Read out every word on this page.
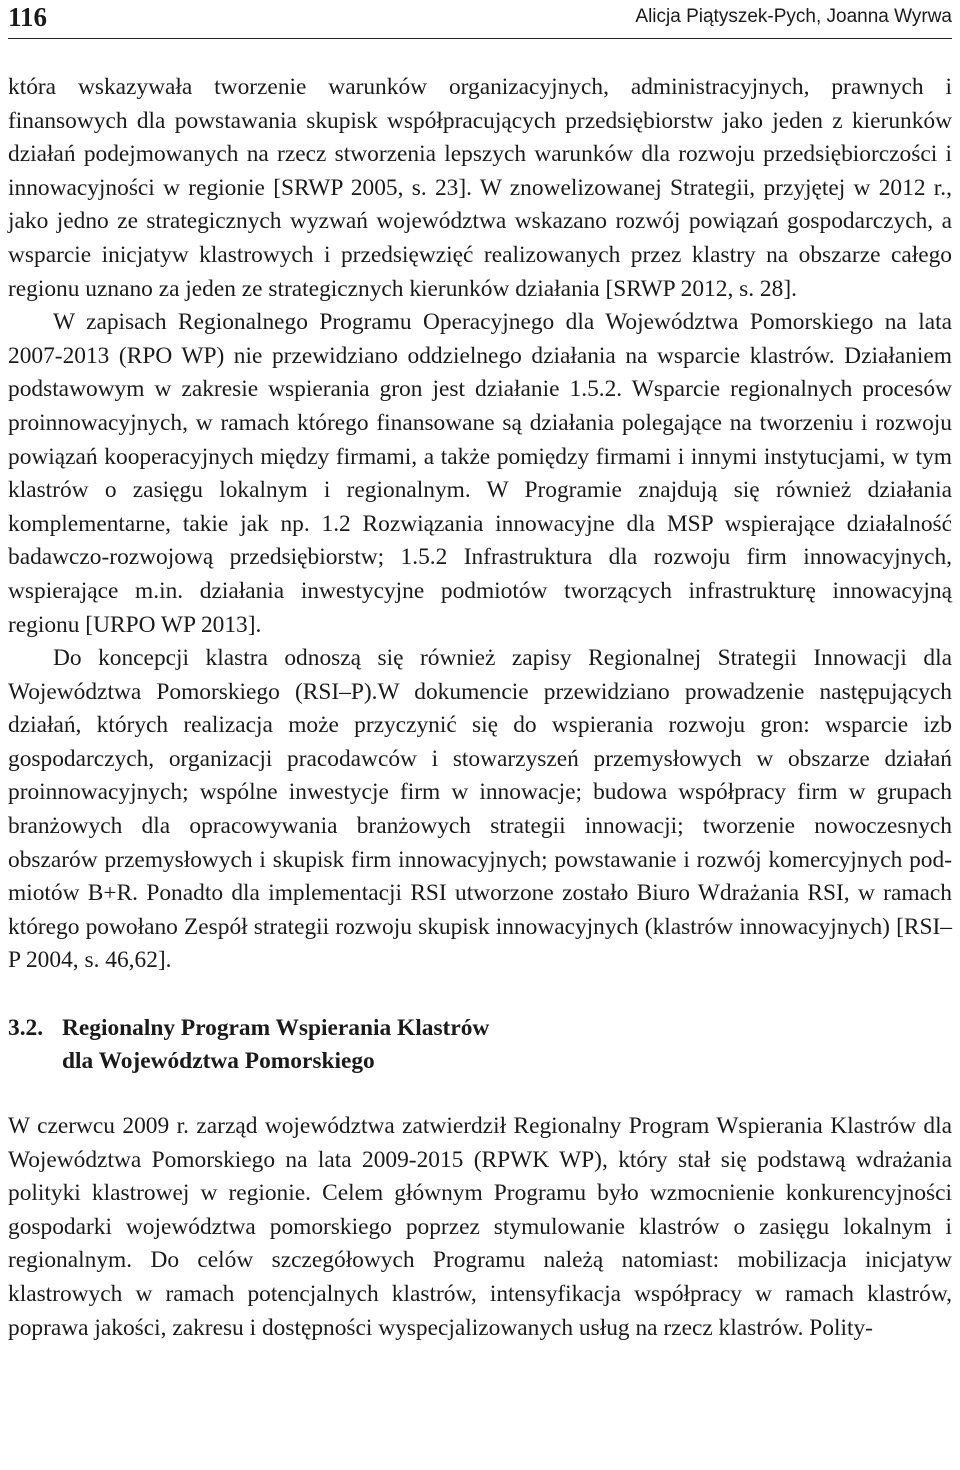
116	Alicja Piątyszek-Pych, Joanna Wyrwa

która wskazywała tworzenie warunków organizacyjnych, administracyjnych, prawnych i finansowych dla powstawania skupisk współpracujących przedsiębiorstw jako jeden z kierunków działań podejmowanych na rzecz stworzenia lepszych warunków dla rozwoju przedsiębiorczości i innowacyjności w regionie [SRWP 2005, s. 23]. W znowelizowanej Strategii, przyjętej w 2012 r., jako jedno ze strategicznych wyzwań województwa wskazano rozwój powiązań gospodarczych, a wsparcie inicjatyw klastrowych i przedsięwzięć realizowanych przez klastry na obszarze całego regionu uznano za jeden ze strategicznych kierunków działania [SRWP 2012, s. 28].

W zapisach Regionalnego Programu Operacyjnego dla Województwa Pomorskiego na lata 2007-2013 (RPO WP) nie przewidziano oddzielnego działania na wsparcie klastrów. Działaniem podstawowym w zakresie wspierania gron jest działanie 1.5.2. Wsparcie regionalnych procesów proinnowacyjnych, w ramach którego finansowane są działania polegające na tworzeniu i rozwoju powiązań kooperacyjnych między firmami, a także pomiędzy firmami i innymi instytucjami, w tym klastrów o zasięgu lokalnym i regionalnym. W Programie znajdują się również działania komplementarne, takie jak np. 1.2 Rozwiązania innowacyjne dla MSP wspierające działalność badawczo-rozwojową przedsiębiorstw; 1.5.2 Infrastruktura dla rozwoju firm innowacyjnych, wspierające m.in. działania inwestycyjne podmiotów tworzących infrastrukturę innowacyjną regionu [URPO WP 2013].

Do koncepcji klastra odnoszą się również zapisy Regionalnej Strategii Innowacji dla Województwa Pomorskiego (RSI–P).W dokumencie przewidziano prowadzenie następujących działań, których realizacja może przyczynić się do wspierania rozwoju gron: wsparcie izb gospodarczych, organizacji pracodawców i stowarzyszeń przemysłowych w obszarze działań proinnowacyjnych; wspólne inwestycje firm w innowacje; budowa współpracy firm w grupach branżowych dla opracowywania branżowych strategii innowacji; tworzenie nowoczesnych obszarów przemysłowych i skupisk firm innowacyjnych; powstawanie i rozwój komercyjnych podmiotów B+R. Ponadto dla implementacji RSI utworzone zostało Biuro Wdrażania RSI, w ramach którego powołano Zespół strategii rozwoju skupisk innowacyjnych (klastrów innowacyjnych) [RSI–P 2004, s. 46,62].

3.2. Regionalny Program Wspierania Klastrów
dla Województwa Pomorskiego

W czerwcu 2009 r. zarząd województwa zatwierdził Regionalny Program Wspierania Klastrów dla Województwa Pomorskiego na lata 2009-2015 (RPWK WP), który stał się podstawą wdrażania polityki klastrowej w regionie. Celem głównym Programu było wzmocnienie konkurencyjności gospodarki województwa pomorskiego poprzez stymulowanie klastrów o zasięgu lokalnym i regionalnym. Do celów szczegółowych Programu należą natomiast: mobilizacja inicjatyw klastrowych w ramach potencjalnych klastrów, intensyfikacja współpracy w ramach klastrów, poprawa jakości, zakresu i dostępności wyspecjalizowanych usług na rzecz klastrów. Polity-
